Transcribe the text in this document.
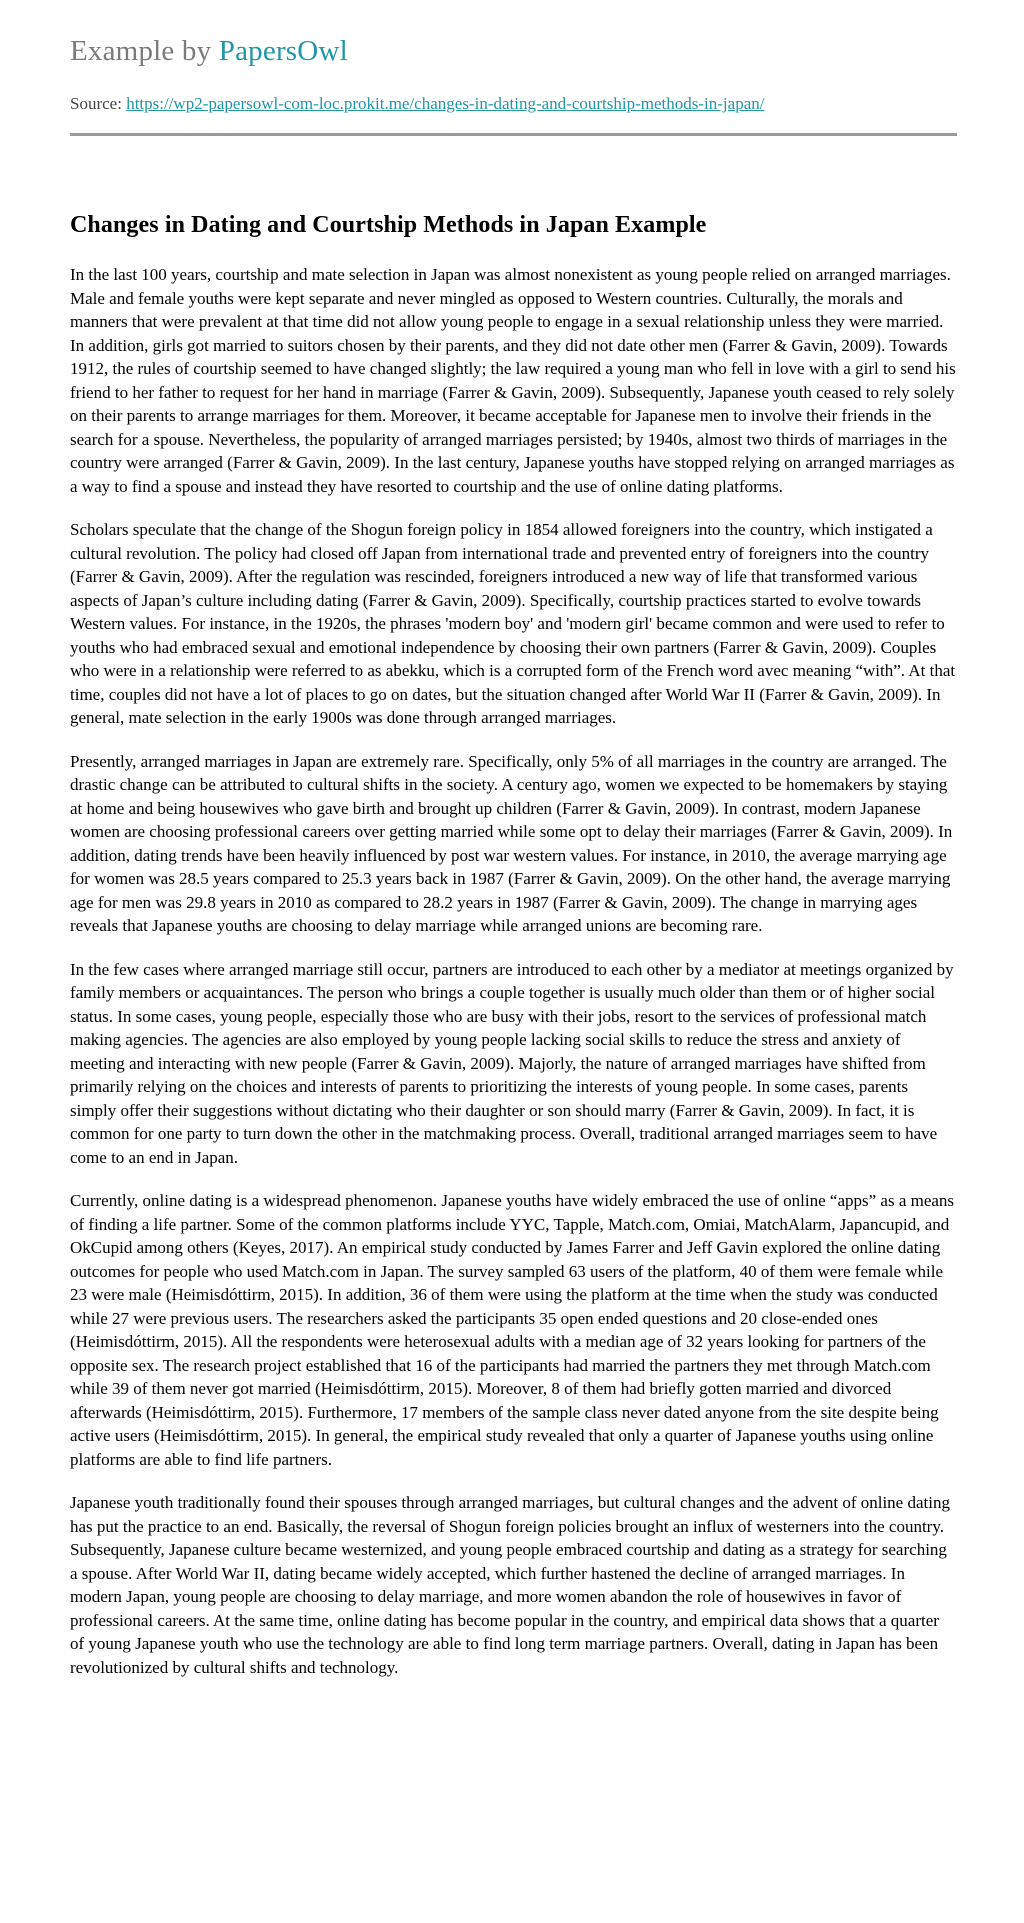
Example by PapersOwl
Source: https://wp2-papersowl-com-loc.prokit.me/changes-in-dating-and-courtship-methods-in-japan/
Changes in Dating and Courtship Methods in Japan Example

In the last 100 years, courtship and mate selection in Japan was almost nonexistent as young people relied on arranged marriages. Male and female youths were kept separate and never mingled as opposed to Western countries. Culturally, the morals and manners that were prevalent at that time did not allow young people to engage in a sexual relationship unless they were married. In addition, girls got married to suitors chosen by their parents, and they did not date other men (Farrer & Gavin, 2009). Towards 1912, the rules of courtship seemed to have changed slightly; the law required a young man who fell in love with a girl to send his friend to her father to request for her hand in marriage (Farrer & Gavin, 2009). Subsequently, Japanese youth ceased to rely solely on their parents to arrange marriages for them. Moreover, it became acceptable for Japanese men to involve their friends in the search for a spouse. Nevertheless, the popularity of arranged marriages persisted; by 1940s, almost two thirds of marriages in the country were arranged (Farrer & Gavin, 2009). In the last century, Japanese youths have stopped relying on arranged marriages as a way to find a spouse and instead they have resorted to courtship and the use of online dating platforms.

Scholars speculate that the change of the Shogun foreign policy in 1854 allowed foreigners into the country, which instigated a cultural revolution. The policy had closed off Japan from international trade and prevented entry of foreigners into the country (Farrer & Gavin, 2009). After the regulation was rescinded, foreigners introduced a new way of life that transformed various aspects of Japan’s culture including dating (Farrer & Gavin, 2009). Specifically, courtship practices started to evolve towards Western values. For instance, in the 1920s, the phrases 'modern boy' and 'modern girl' became common and were used to refer to youths who had embraced sexual and emotional independence by choosing their own partners (Farrer & Gavin, 2009). Couples who were in a relationship were referred to as abekku, which is a corrupted form of the French word avec meaning “with”. At that time, couples did not have a lot of places to go on dates, but the situation changed after World War II (Farrer & Gavin, 2009). In general, mate selection in the early 1900s was done through arranged marriages.

Presently, arranged marriages in Japan are extremely rare. Specifically, only 5% of all marriages in the country are arranged. The drastic change can be attributed to cultural shifts in the society. A century ago, women we expected to be homemakers by staying at home and being housewives who gave birth and brought up children (Farrer & Gavin, 2009). In contrast, modern Japanese women are choosing professional careers over getting married while some opt to delay their marriages (Farrer & Gavin, 2009). In addition, dating trends have been heavily influenced by post war western values. For instance, in 2010, the average marrying age for women was 28.5 years compared to 25.3 years back in 1987 (Farrer & Gavin, 2009). On the other hand, the average marrying age for men was 29.8 years in 2010 as compared to 28.2 years in 1987 (Farrer & Gavin, 2009). The change in marrying ages reveals that Japanese youths are choosing to delay marriage while arranged unions are becoming rare.

In the few cases where arranged marriage still occur, partners are introduced to each other by a mediator at meetings organized by family members or acquaintances. The person who brings a couple together is usually much older than them or of higher social status. In some cases, young people, especially those who are busy with their jobs, resort to the services of professional match making agencies. The agencies are also employed by young people lacking social skills to reduce the stress and anxiety of meeting and interacting with new people (Farrer & Gavin, 2009). Majorly, the nature of arranged marriages have shifted from primarily relying on the choices and interests of parents to prioritizing the interests of young people. In some cases, parents simply offer their suggestions without dictating who their daughter or son should marry (Farrer & Gavin, 2009). In fact, it is common for one party to turn down the other in the matchmaking process. Overall, traditional arranged marriages seem to have come to an end in Japan.

Currently, online dating is a widespread phenomenon. Japanese youths have widely embraced the use of online “apps” as a means of finding a life partner. Some of the common platforms include YYC, Tapple, Match.com, Omiai, MatchAlarm, Japancupid, and OkCupid among others (Keyes, 2017). An empirical study conducted by James Farrer and Jeff Gavin explored the online dating outcomes for people who used Match.com in Japan. The survey sampled 63 users of the platform, 40 of them were female while 23 were male (Heimisdóttirm, 2015). In addition, 36 of them were using the platform at the time when the study was conducted while 27 were previous users. The researchers asked the participants 35 open ended questions and 20 close-ended ones (Heimisdóttirm, 2015). All the respondents were heterosexual adults with a median age of 32 years looking for partners of the opposite sex. The research project established that 16 of the participants had married the partners they met through Match.com while 39 of them never got married (Heimisdóttirm, 2015). Moreover, 8 of them had briefly gotten married and divorced afterwards (Heimisdóttirm, 2015). Furthermore, 17 members of the sample class never dated anyone from the site despite being active users (Heimisdóttirm, 2015). In general, the empirical study revealed that only a quarter of Japanese youths using online platforms are able to find life partners.

Japanese youth traditionally found their spouses through arranged marriages, but cultural changes and the advent of online dating has put the practice to an end. Basically, the reversal of Shogun foreign policies brought an influx of westerners into the country. Subsequently, Japanese culture became westernized, and young people embraced courtship and dating as a strategy for searching a spouse. After World War II, dating became widely accepted, which further hastened the decline of arranged marriages. In modern Japan, young people are choosing to delay marriage, and more women abandon the role of housewives in favor of professional careers. At the same time, online dating has become popular in the country, and empirical data shows that a quarter of young Japanese youth who use the technology are able to find long term marriage partners. Overall, dating in Japan has been revolutionized by cultural shifts and technology.
